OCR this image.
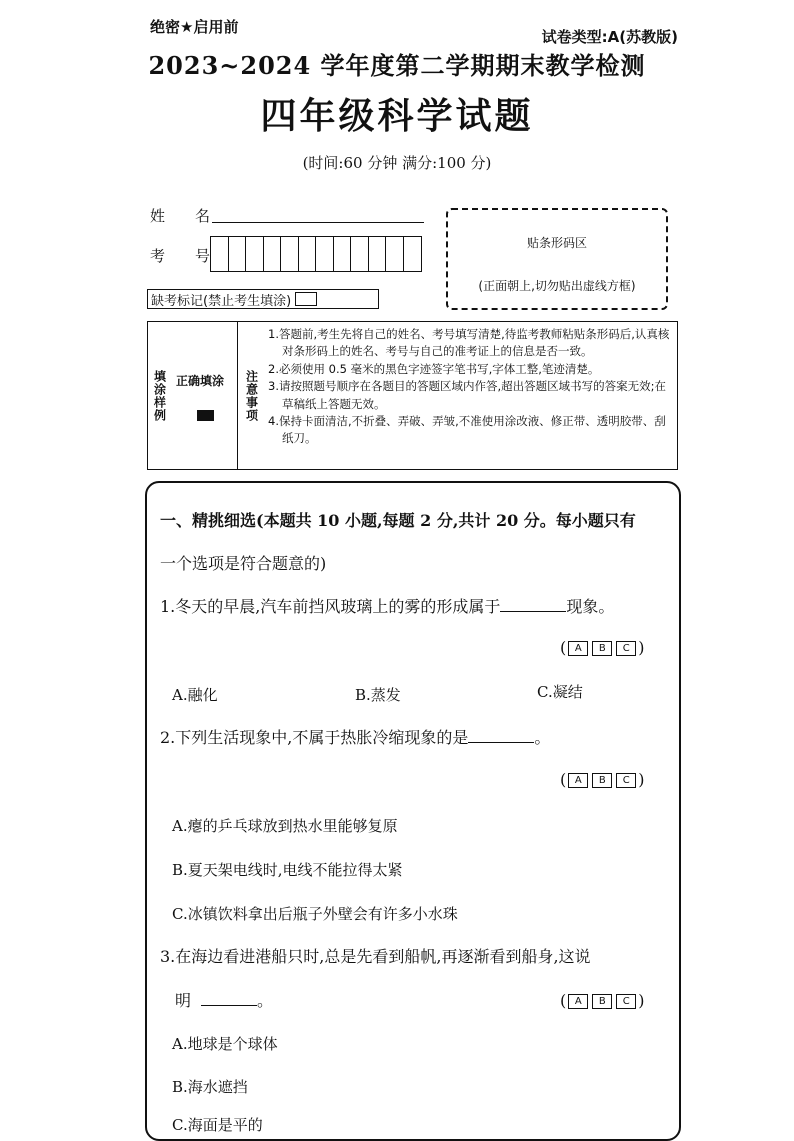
绝密★启用前
试卷类型:A(苏教版)
2023~2024 学年度第二学期期末教学检测
四年级科学试题
(时间:60 分钟 满分:100 分)
姓　　名
考　　号
缺考标记(禁止考生填涂)
贴条形码区
(正面朝上,切勿贴出虚线方框)
填涂样例 正确填涂 注意事项
1.答题前,考生先将自己的姓名、考号填写清楚,待监考教师粘贴条形码后,认真核对条形码上的姓名、考号与自己的准考证上的信息是否一致。
2.必须使用 0.5 毫米的黑色字迹签字笔书写,字体工整,笔迹清楚。
3.请按照题号顺序在各题目的答题区域内作答,超出答题区域书写的答案无效;在草稿纸上答题无效。
4.保持卡面清洁,不折叠、弄破、弄皱,不准使用涂改液、修正带、透明胶带、刮纸刀。
一、精挑细选(本题共 10 小题,每题 2 分,共计 20 分。每小题只有
一个选项是符合题意的)
1.冬天的早晨,汽车前挡风玻璃上的雾的形成属于	现象。
( A B C )
A.融化	B.蒸发	C.凝结
2.下列生活现象中,不属于热胀冷缩现象的是	。
( A B C )
A.瘪的乒乓球放到热水里能够复原
B.夏天架电线时,电线不能拉得太紧
C.冰镇饮料拿出后瓶子外壁会有许多小水珠
3.在海边看进港船只时,总是先看到船帆,再逐渐看到船身,这说
明	。	( A B C )
A.地球是个球体
B.海水遮挡
C.海面是平的
